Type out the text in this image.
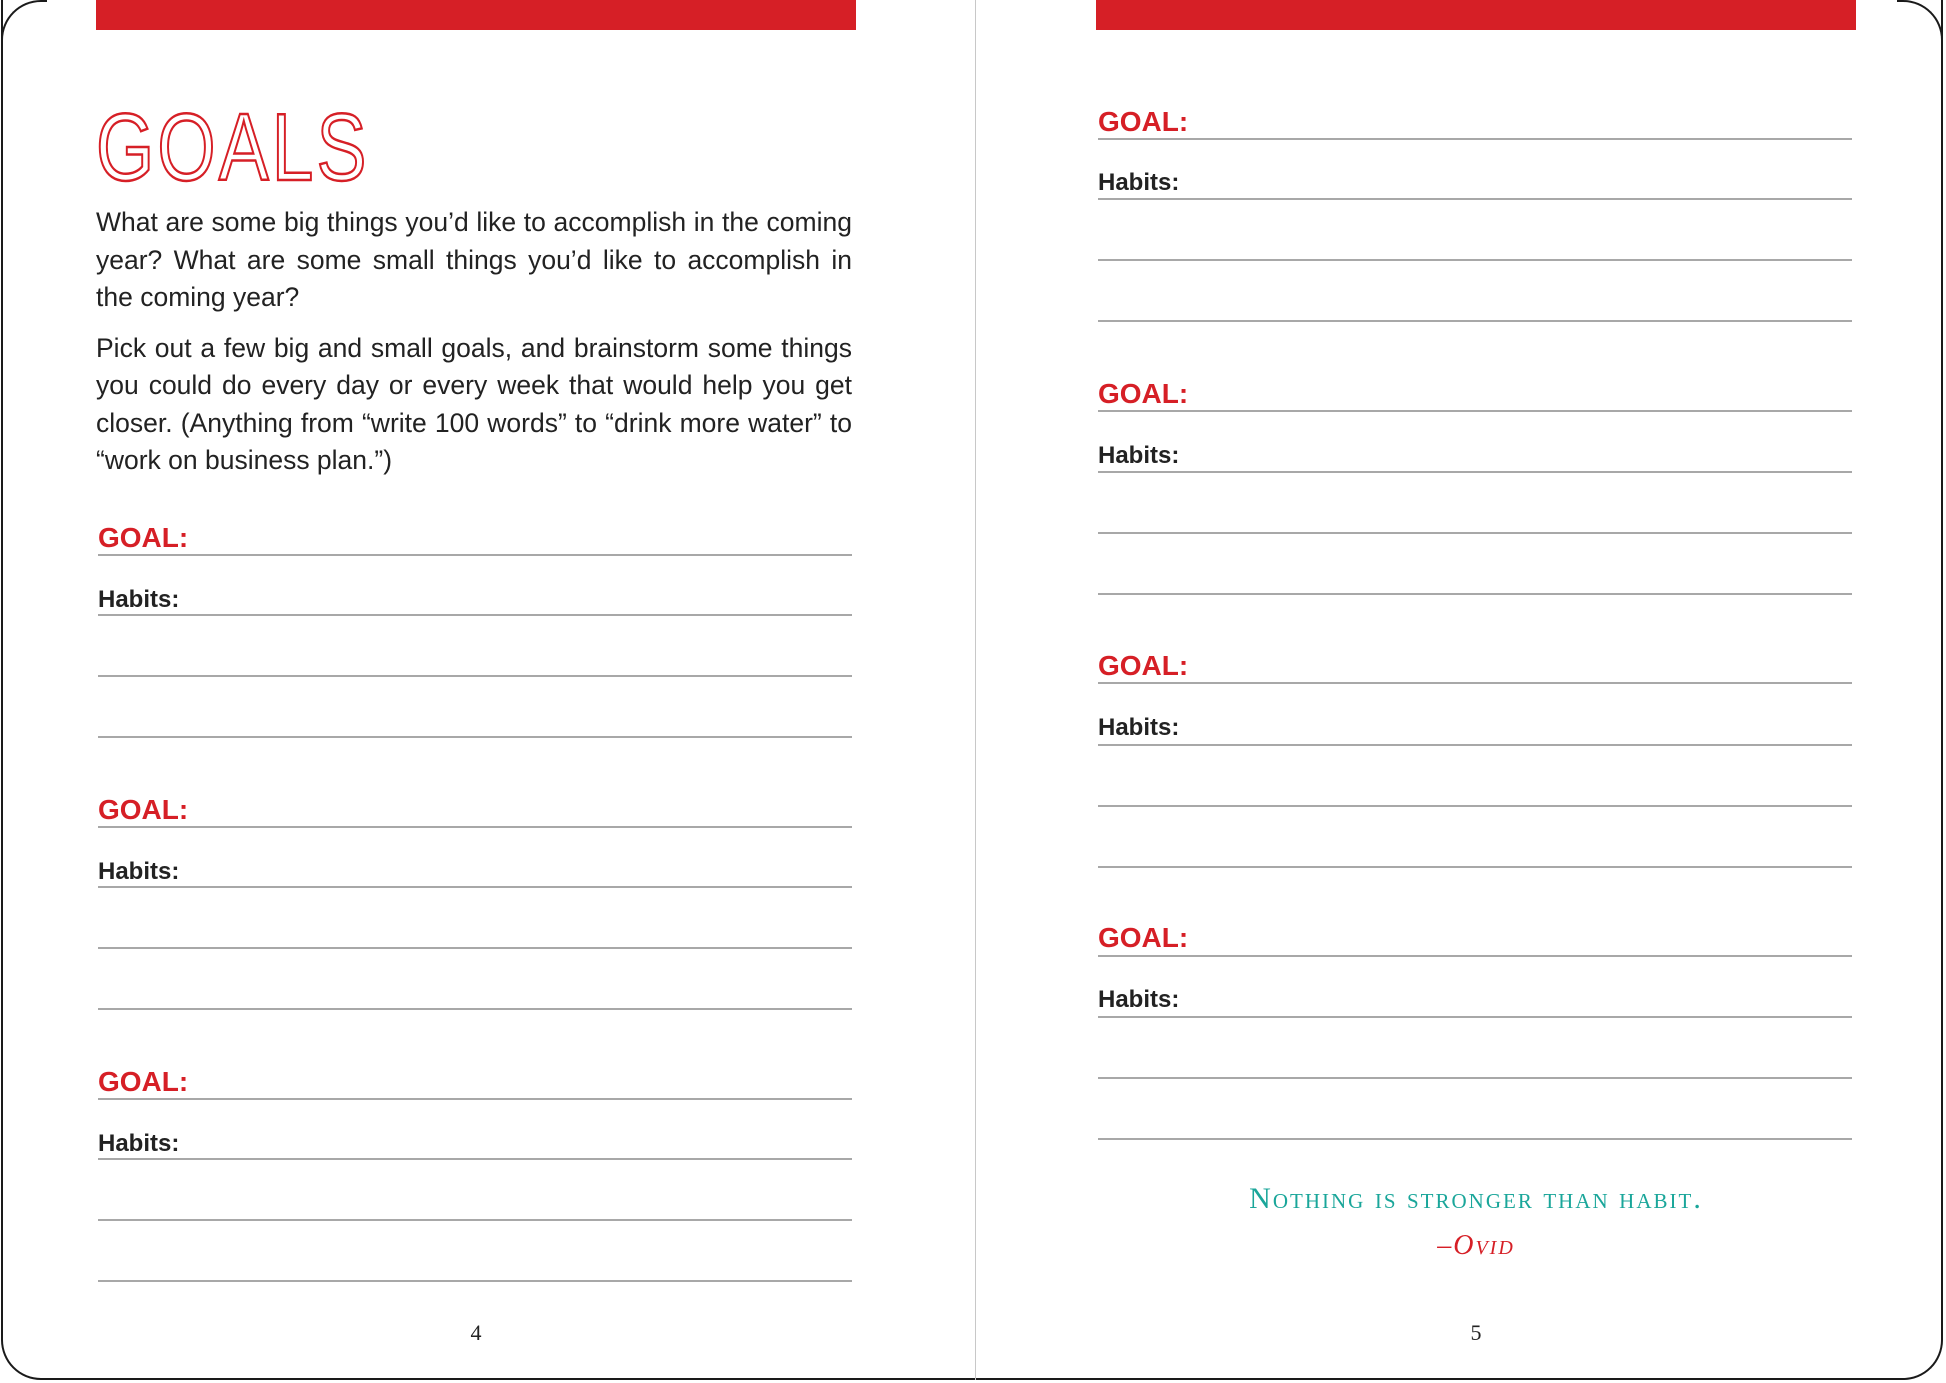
GOALS

What are some big things you’d like to accomplish in the coming year? What are some small things you’d like to accomplish in the coming year?

Pick out a few big and small goals, and brainstorm some things you could do every day or every week that would help you get closer. (Anything from “write 100 words” to “drink more water” to “work on business plan.”)

GOAL:
Habits:
GOAL:
Habits:
GOAL:
Habits:
4
GOAL:
Habits:
GOAL:
Habits:
GOAL:
Habits:
GOAL:
Habits:
Nothing is stronger than habit.
–Ovid
5
